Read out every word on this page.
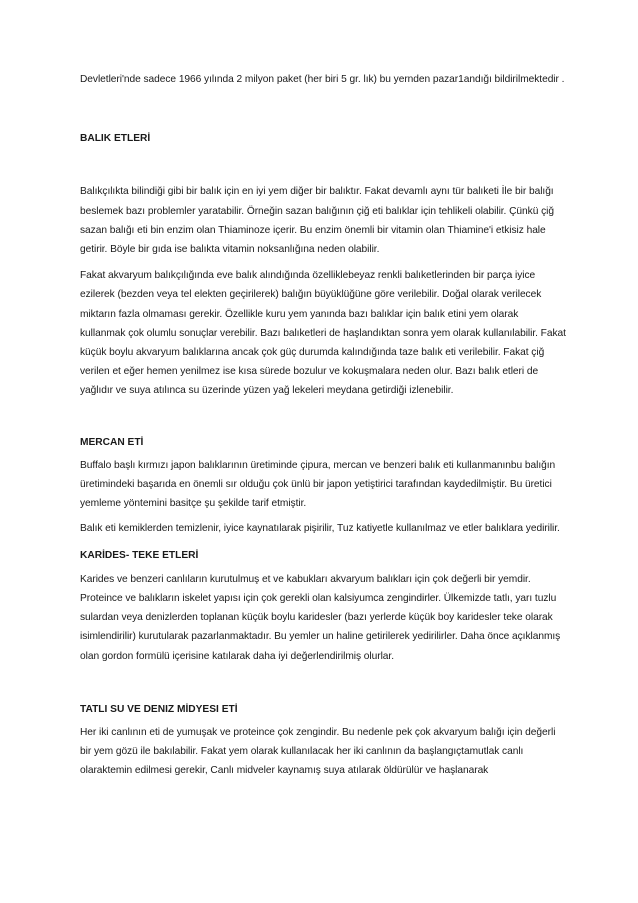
Devletleri'nde sadece 1966 yılında 2 milyon paket (her biri 5 gr. lık) bu yernden pazar1andığı bildirilmektedir .

BALIK ETLERİ

Balıkçılıkta bilindiği gibi bir balık için en iyi yem diğer bir balıktır. Fakat devamlı aynı tür balıketi İle bir balığı beslemek bazı problemler yaratabilir. Örneğin sazan balığının çiğ eti balıklar için tehlikeli olabilir. Çünkü çiğ sazan balığı eti bin enzim olan Thiaminoze içerir. Bu enzim önemli bir vitamin olan Thiamine'i etkisiz hale getirir. Böyle bir gıda ise balıkta vitamin noksanlığına neden olabilir.

Fakat akvaryum balıkçılığında eve balık alındığında özelliklebeyaz renkli balıketlerinden bir parça iyice ezilerek (bezden veya tel elekten geçirilerek) balığın büyüklüğüne göre verilebilir. Doğal olarak verilecek miktarın fazla olmaması gerekir. Özellikle kuru yem yanında bazı balıklar için balık etini yem olarak kullanmak çok olumlu sonuçlar verebilir. Bazı balıketleri de haşlandıktan sonra yem olarak kullanılabilir. Fakat küçük boylu akvaryum balıklarına ancak çok güç durumda kalındığında taze balık eti verilebilir. Fakat çiğ verilen et eğer hemen yenilmez ise kısa sürede bozulur ve kokuşmalara neden olur. Bazı balık etleri de yağlıdır ve suya atılınca su üzerinde yüzen yağ lekeleri meydana getirdiği izlenebilir.

MERCAN ETİ

Buffalo başlı kırmızı japon balıklarının üretiminde çipura, mercan ve benzeri balık eti kullanmanınbu balığın üretimindeki başarıda en önemli sır olduğu çok ünlü bir japon yetiştirici tarafından kaydedilmiştir. Bu üretici yemleme yöntemini basitçe şu şekilde tarif etmiştir.

Balık eti kemiklerden temizlenir, iyice kaynatılarak pişirilir, Tuz katiyetle kullanılmaz ve etler balıklara yedirilir.

KARİDES- TEKE ETLERİ

Karides ve benzeri canlıların kurutulmuş et ve kabukları akvaryum balıkları için çok değerli bir yemdir. Proteince ve balıkların iskelet yapısı için çok gerekli olan kalsiyumca zengindirler. Ülkemizde tatlı, yarı tuzlu sulardan veya denizlerden toplanan küçük boylu karidesler (bazı yerlerde küçük boy karidesler teke olarak isimlendirilir) kurutularak pazarlanmaktadır. Bu yemler un haline getirilerek yedirilirler. Daha önce açıklanmış olan gordon formülü içerisine katılarak daha iyi değerlendirilmiş olurlar.

TATLI SU VE DENIZ MİDYESI ETİ

Her iki canlının eti de yumuşak ve proteince çok zengindir. Bu nedenle pek çok akvaryum balığı için değerli bir yem gözü ile bakılabilir. Fakat yem olarak kullanılacak her iki canlının da başlangıçtamutlak canlı olaraktemin edilmesi gerekir, Canlı midveler kaynamış suya atılarak öldürülür ve haşlanarak
